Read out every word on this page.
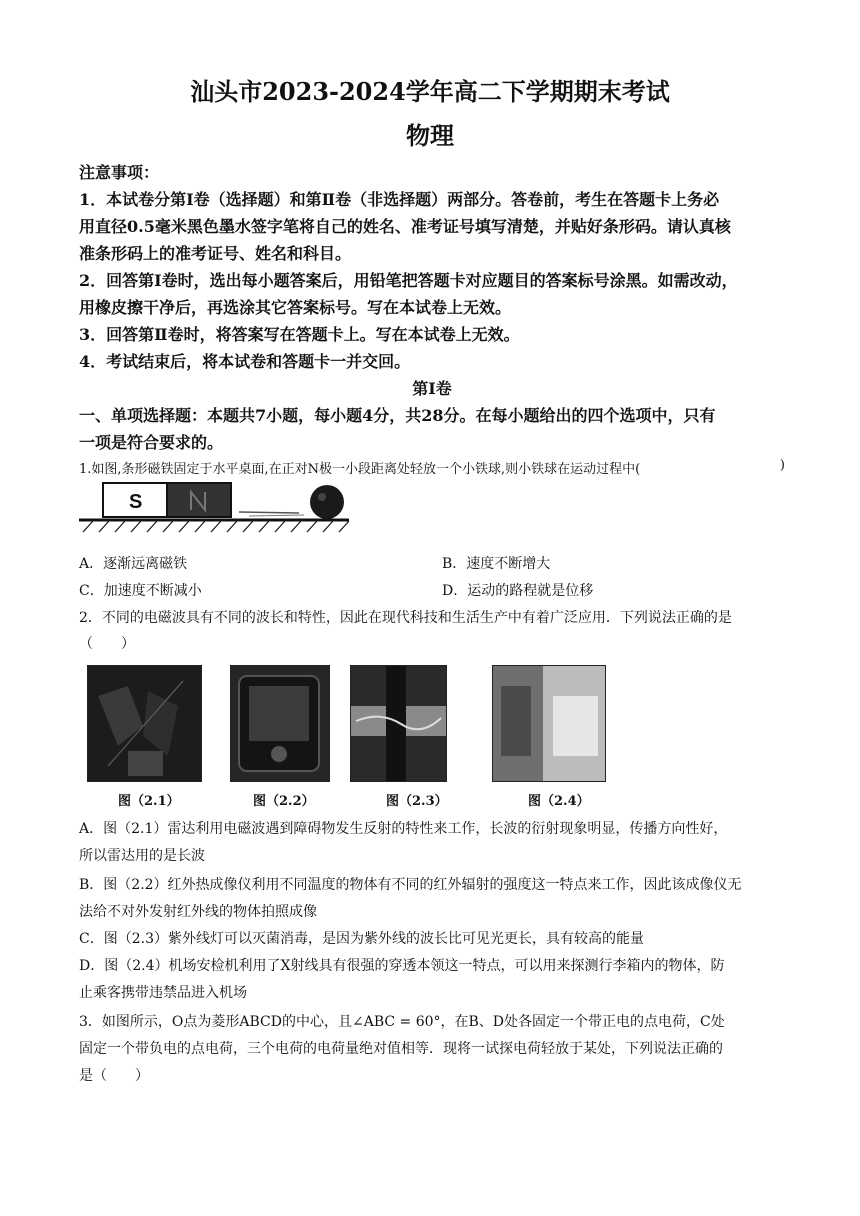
汕头市2023-2024学年高二下学期期末考试
物理
注意事项：
1．本试卷分第Ⅰ卷（选择题）和第Ⅱ卷（非选择题）两部分。答卷前，考生在答题卡上务必
用直径0.5毫米黑色墨水签字笔将自己的姓名、准考证号填写清楚，并贴好条形码。请认真核
准条形码上的准考证号、姓名和科目。
2．回答第Ⅰ卷时，选出每小题答案后，用铅笔把答题卡对应题目的答案标号涂黑。如需改动，
用橡皮擦干净后，再选涂其它答案标号。写在本试卷上无效。
3．回答第Ⅱ卷时，将答案写在答题卡上。写在本试卷上无效。
4．考试结束后，将本试卷和答题卡一并交回。
第Ⅰ卷
一、单项选择题：本题共7小题，每小题4分，共28分。在每小题给出的四个选项中，只有
一项是符合要求的。
1.如图,条形磁铁固定于水平桌面,在正对N极一小段距离处轻放一个小铁球,则小铁球在运动过程中(	)
S
A．逐渐远离磁铁	B．速度不断增大
C．加速度不断减小	D．运动的路程就是位移
2．不同的电磁波具有不同的波长和特性，因此在现代科技和生活生产中有着广泛应用．下列说法正确的是
（　　）
图（2.1）	图（2.2）	图（2.3）	图（2.4）
A．图（2.1）雷达利用电磁波遇到障碍物发生反射的特性来工作，长波的衍射现象明显，传播方向性好，
所以雷达用的是长波
B．图（2.2）红外热成像仪利用不同温度的物体有不同的红外辐射的强度这一特点来工作，因此该成像仪无
法给不对外发射红外线的物体拍照成像
C．图（2.3）紫外线灯可以灭菌消毒，是因为紫外线的波长比可见光更长，具有较高的能量
D．图（2.4）机场安检机利用了X射线具有很强的穿透本领这一特点，可以用来探测行李箱内的物体，防
止乘客携带违禁品进入机场
3．如图所示，O点为菱形ABCD的中心，且∠ABC = 60°，在B、D处各固定一个带正电的点电荷，C处
固定一个带负电的点电荷，三个电荷的电荷量绝对值相等．现将一试探电荷轻放于某处，下列说法正确的
是（　　）
